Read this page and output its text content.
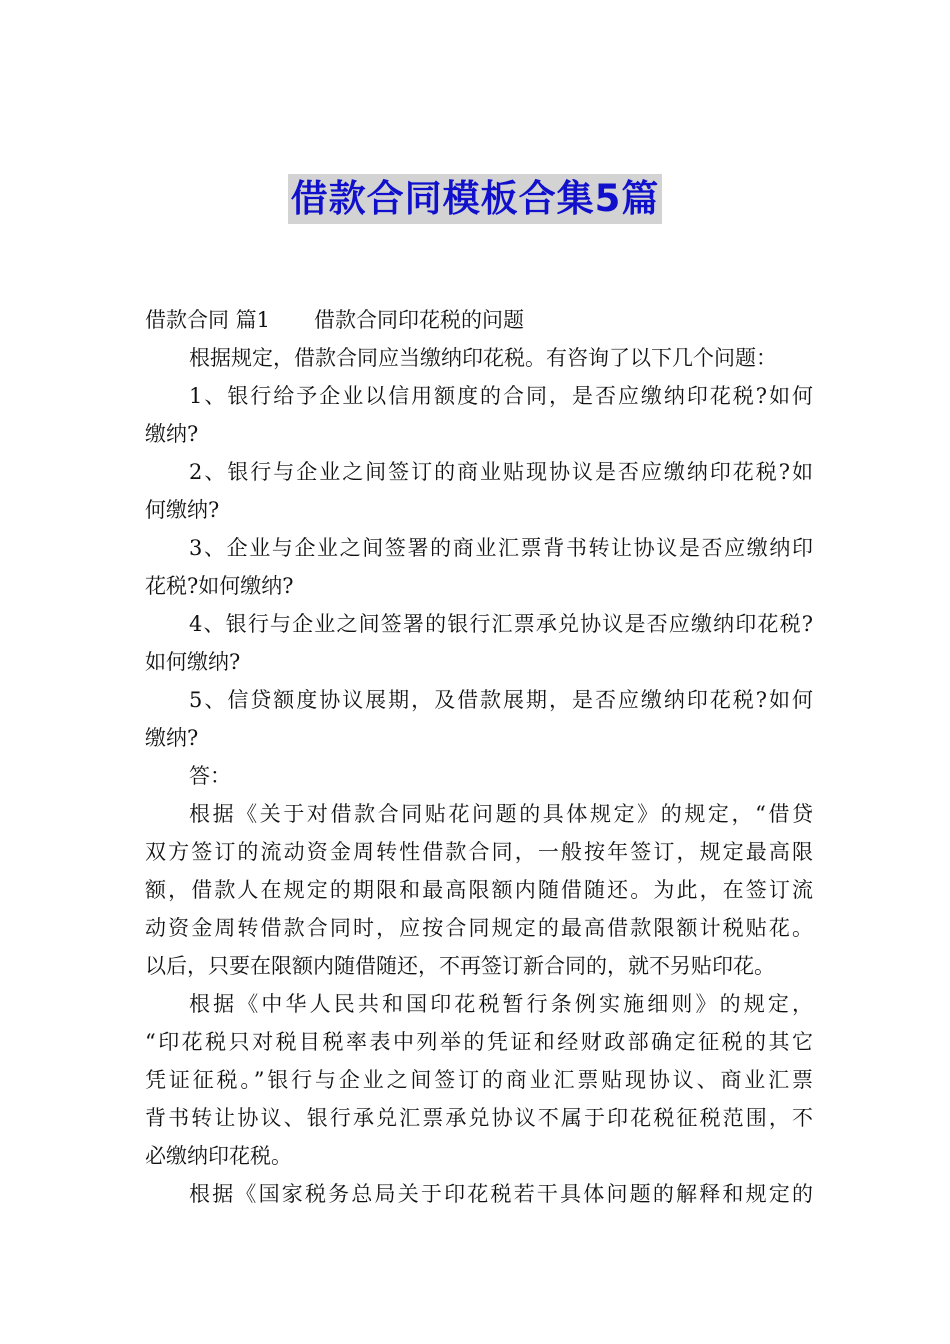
借款合同模板合集5篇
借款合同 篇1 借款合同印花税的问题
根据规定，借款合同应当缴纳印花税。有咨询了以下几个问题：
1、银行给予企业以信用额度的合同，是否应缴纳印花税?如何
缴纳?
2、银行与企业之间签订的商业贴现协议是否应缴纳印花税?如
何缴纳?
3、企业与企业之间签署的商业汇票背书转让协议是否应缴纳印
花税?如何缴纳?
4、银行与企业之间签署的银行汇票承兑协议是否应缴纳印花税?
如何缴纳?
5、信贷额度协议展期，及借款展期，是否应缴纳印花税?如何
缴纳?
答：
根据《关于对借款合同贴花问题的具体规定》的规定，“借贷
双方签订的流动资金周转性借款合同，一般按年签订，规定最高限
额，借款人在规定的期限和最高限额内随借随还。为此，在签订流
动资金周转借款合同时，应按合同规定的最高借款限额计税贴花。
以后，只要在限额内随借随还，不再签订新合同的，就不另贴印花。
根据《中华人民共和国印花税暂行条例实施细则》的规定，
“印花税只对税目税率表中列举的凭证和经财政部确定征税的其它
凭证征税。”银行与企业之间签订的商业汇票贴现协议、商业汇票
背书转让协议、银行承兑汇票承兑协议不属于印花税征税范围，不
必缴纳印花税。
根据《国家税务总局关于印花税若干具体问题的解释和规定的
